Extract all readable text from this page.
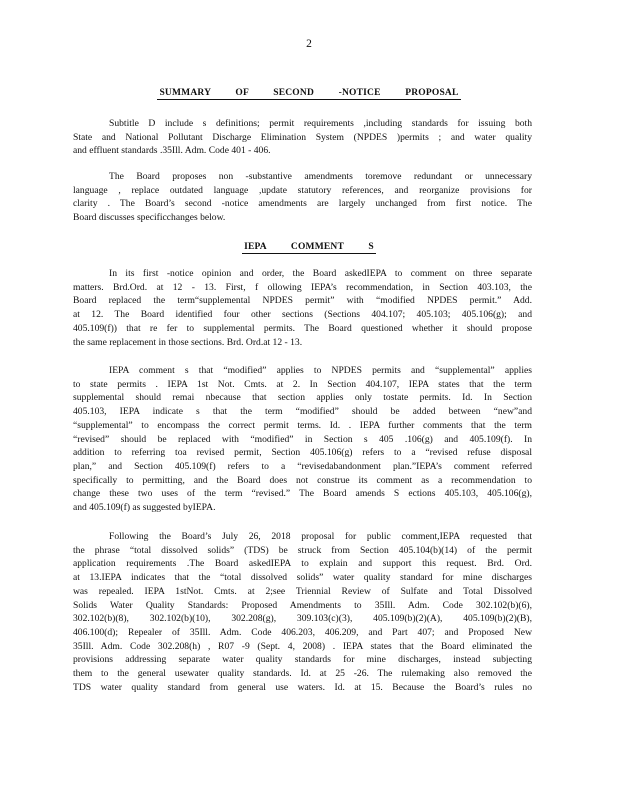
2
SUMMARY OF SECOND -NOTICE PROPOSAL
Subtitle D include s definitions; permit requirements ,including standards for issuing both
State and National Pollutant Discharge Elimination System (NPDES )permits ; and water quality
and effluent standards .35Ill. Adm. Code 401 - 406.
The Board proposes non -substantive amendments toremove redundant or unnecessary
language , replace outdated language ,update statutory references, and reorganize provisions for
clarity . The Board’s second -notice amendments are largely unchanged from first notice. The
Board discusses specificchanges below.
IEPA COMMENT S
In its first -notice opinion and order, the Board askedIEPA to comment on three separate
matters. Brd.Ord. at 12 - 13. First, f ollowing IEPA’s recommendation, in Section 403.103, the
Board replaced the term“supplemental NPDES permit” with “modified NPDES permit.” Add.
at 12. The Board identified four other sections (Sections 404.107; 405.103; 405.106(g); and
405.109(f)) that re fer to supplemental permits. The Board questioned whether it should propose
the same replacement in those sections. Brd. Ord.at 12 - 13.
IEPA comment s that “modified” applies to NPDES permits and “supplemental” applies
to state permits . IEPA 1st Not. Cmts. at 2. In Section 404.107, IEPA states that the term
supplemental should remai nbecause that section applies only tostate permits. Id. In Section
405.103, IEPA indicate s that the term “modified” should be added between “new”and
“supplemental” to encompass the correct permit terms. Id. . IEPA further comments that the term
“revised” should be replaced with “modified” in Section s 405 .106(g) and 405.109(f). In
addition to referring toa revised permit, Section 405.106(g) refers to a “revised refuse disposal
plan,” and Section 405.109(f) refers to a “revisedabandonment plan.”IEPA’s comment referred
specifically to permitting, and the Board does not construe its comment as a recommendation to
change these two uses of the term “revised.” The Board amends S ections 405.103, 405.106(g),
and 405.109(f) as suggested byIEPA.
Following the Board’s July 26, 2018 proposal for public comment,IEPA requested that
the phrase “total dissolved solids” (TDS) be struck from Section 405.104(b)(14) of the permit
application requirements .The Board askedIEPA to explain and support this request. Brd. Ord.
at 13.IEPA indicates that the “total dissolved solids” water quality standard for mine discharges
was repealed. IEPA 1stNot. Cmts. at 2;see Triennial Review of Sulfate and Total Dissolved
Solids Water Quality Standards: Proposed Amendments to 35Ill. Adm. Code 302.102(b)(6),
302.102(b)(8), 302.102(b)(10), 302.208(g), 309.103(c)(3), 405.109(b)(2)(A), 405.109(b)(2)(B),
406.100(d); Repealer of 35Ill. Adm. Code 406.203, 406.209, and Part 407; and Proposed New
35Ill. Adm. Code 302.208(h) , R07 -9 (Sept. 4, 2008) . IEPA states that the Board eliminated the
provisions addressing separate water quality standards for mine discharges, instead subjecting
them to the general usewater quality standards. Id. at 25 -26. The rulemaking also removed the
TDS water quality standard from general use waters. Id. at 15. Because the Board’s rules no
